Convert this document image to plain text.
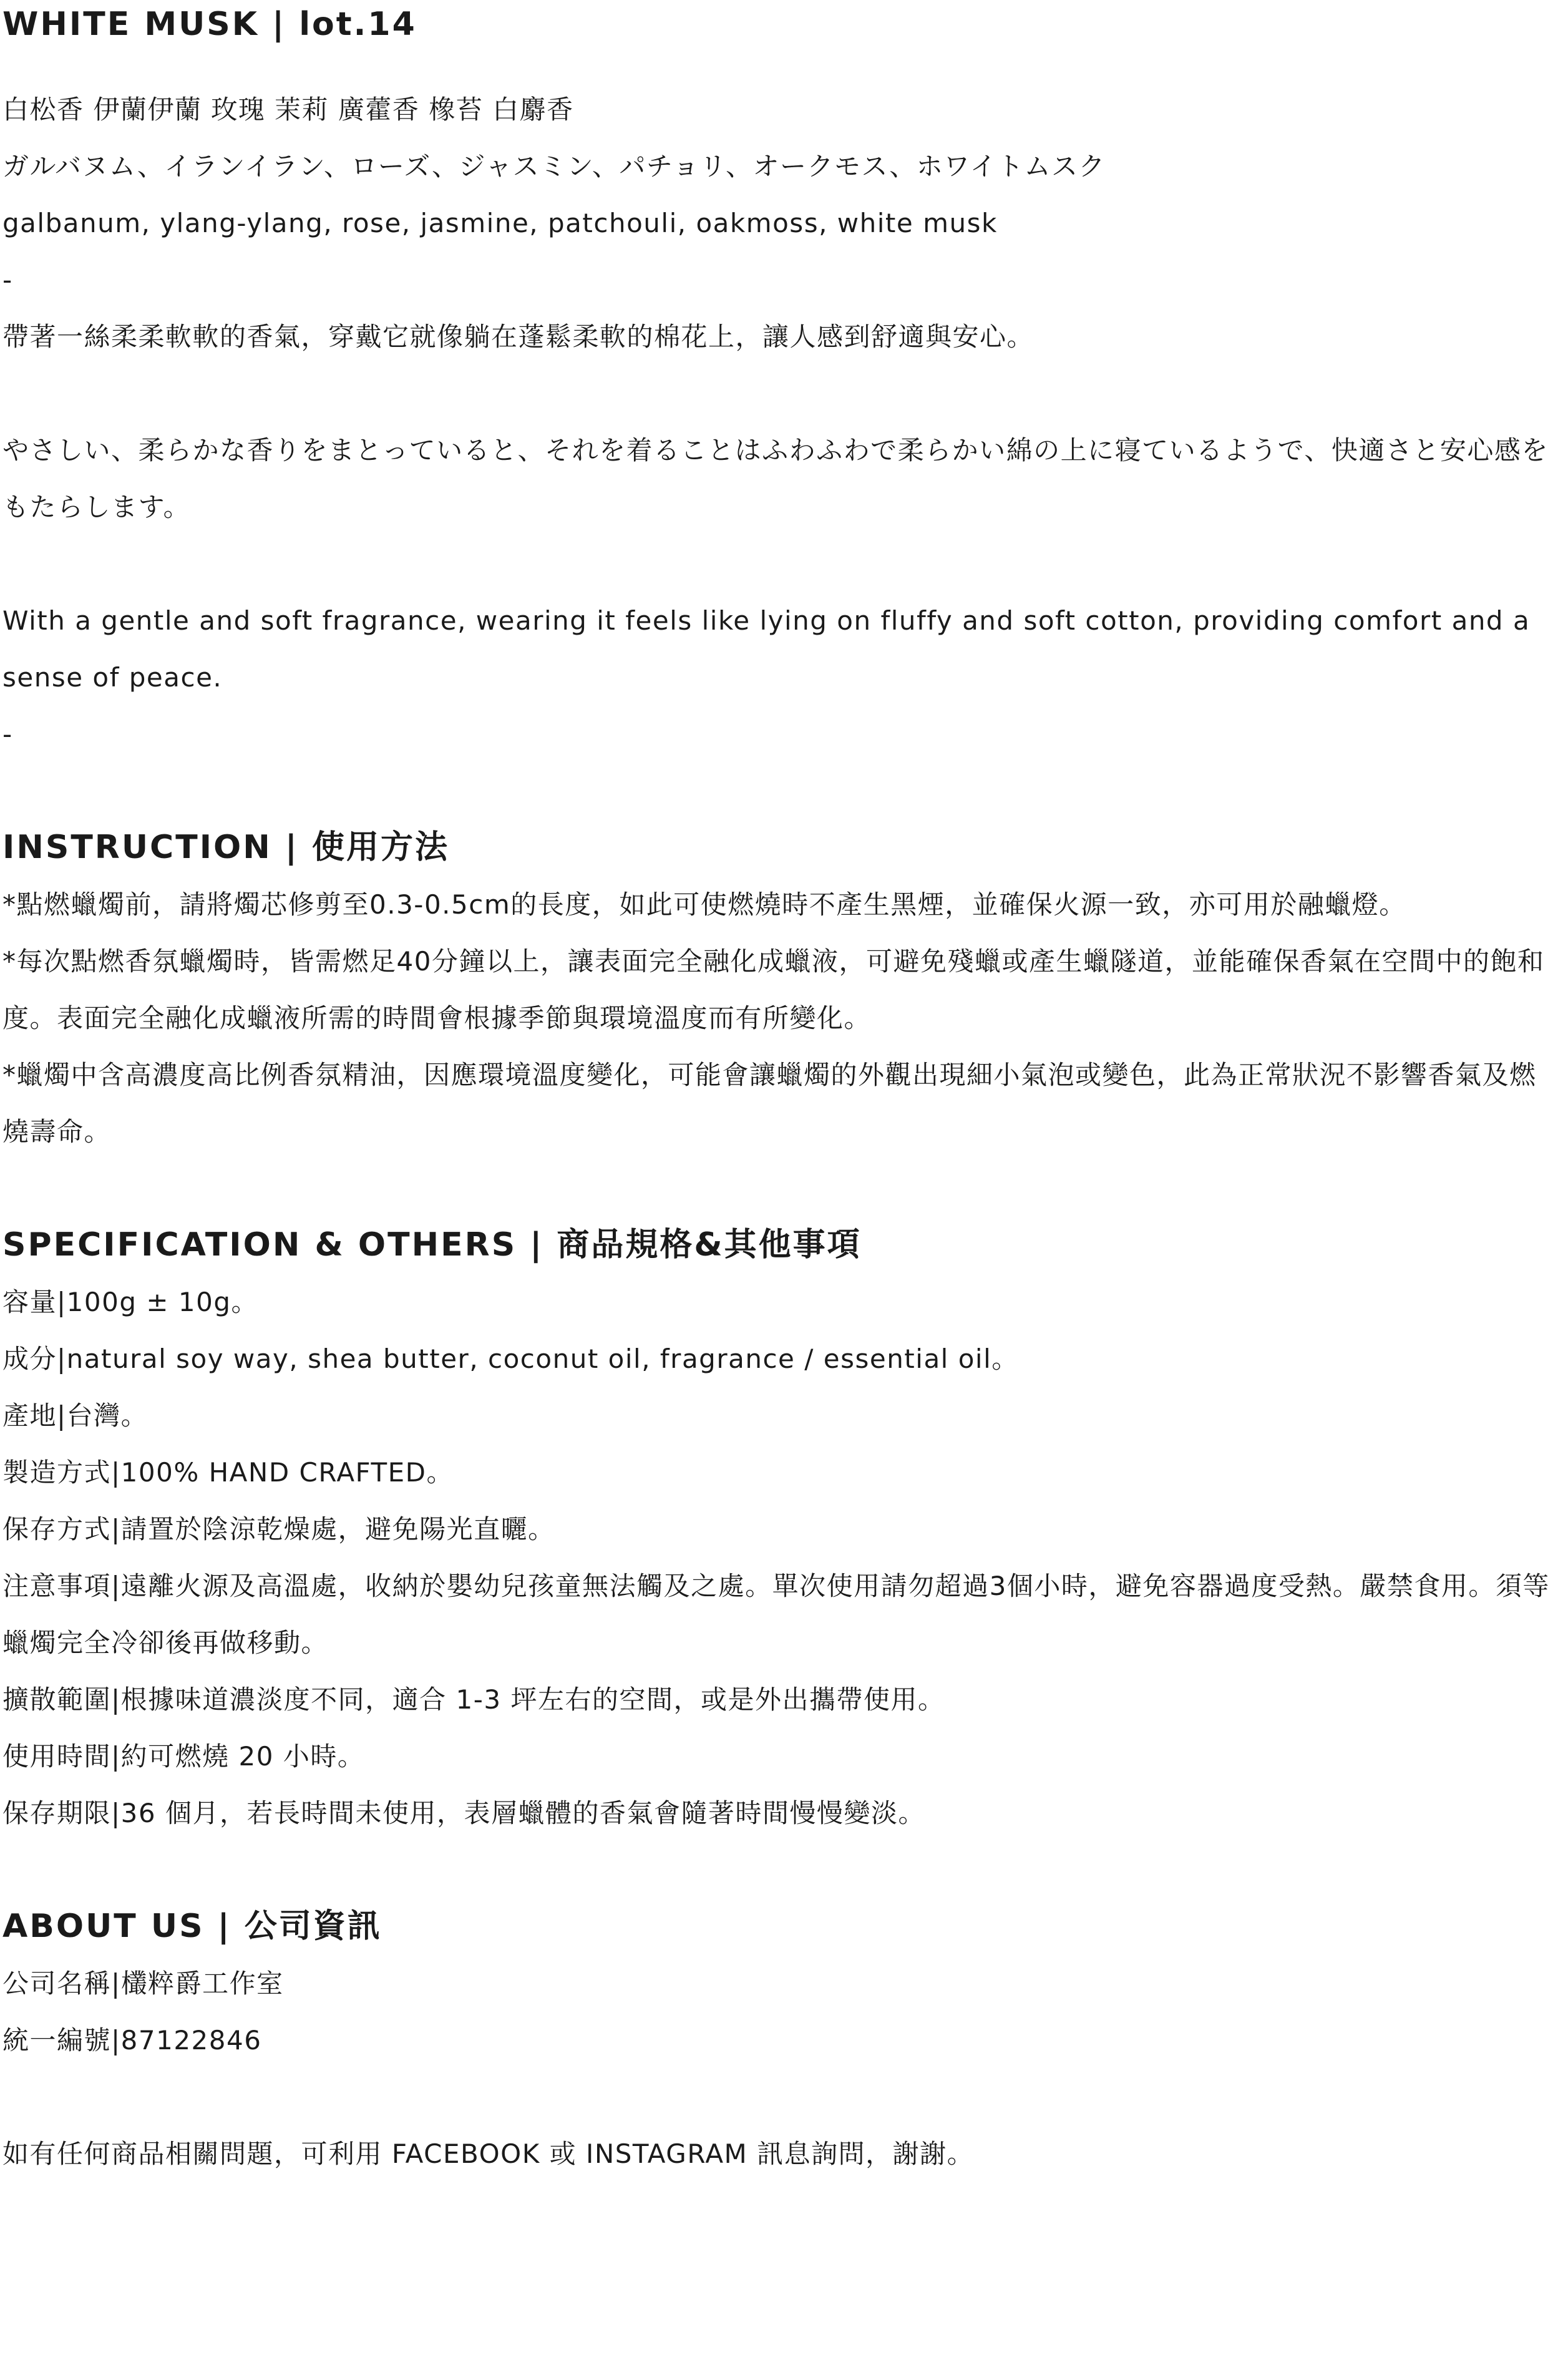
WHITE MUSK | lot.14

白松香 伊蘭伊蘭 玫瑰 茉莉 廣藿香 橡苔 白麝香

ガルバヌム、イランイラン、ローズ、ジャスミン、パチョリ、オークモス、ホワイトムスク

galbanum, ylang-ylang, rose, jasmine, patchouli, oakmoss, white musk

-

帶著一絲柔柔軟軟的香氣，穿戴它就像躺在蓬鬆柔軟的棉花上，讓人感到舒適與安心。

やさしい、柔らかな香りをまとっていると、それを着ることはふわふわで柔らかい綿の上に寝ているようで、快適さと安心感をもたらします。

With a gentle and soft fragrance, wearing it feels like lying on fluffy and soft cotton, providing comfort and a sense of peace.

-

INSTRUCTION | 使用方法

*點燃蠟燭前，請將燭芯修剪至0.3-0.5cm的長度，如此可使燃燒時不產生黑煙，並確保火源一致，亦可用於融蠟燈。

*每次點燃香氛蠟燭時，皆需燃足40分鐘以上，讓表面完全融化成蠟液，可避免殘蠟或產生蠟隧道，並能確保香氣在空間中的飽和度。表面完全融化成蠟液所需的時間會根據季節與環境溫度而有所變化。

*蠟燭中含高濃度高比例香氛精油，因應環境溫度變化，可能會讓蠟燭的外觀出現細小氣泡或變色，此為正常狀況不影響香氣及燃燒壽命。

SPECIFICATION & OTHERS | 商品規格&其他事項

容量|100g ± 10g。

成分|natural soy way, shea butter, coconut oil, fragrance / essential oil。

產地|台灣。

製造方式|100% HAND CRAFTED。

保存方式|請置於陰涼乾燥處，避免陽光直曬。

注意事項|遠離火源及高溫處，收納於嬰幼兒孩童無法觸及之處。單次使用請勿超過3個小時，避免容器過度受熱。嚴禁食用。須等蠟燭完全冷卻後再做移動。

擴散範圍|根據味道濃淡度不同，適合 1-3 坪左右的空間，或是外出攜帶使用。

使用時間|約可燃燒 20 小時。

保存期限|36 個月，若長時間未使用，表層蠟體的香氣會隨著時間慢慢變淡。

ABOUT US | 公司資訊

公司名稱|欉粹爵工作室

統一編號|87122846

如有任何商品相關問題，可利用 FACEBOOK 或 INSTAGRAM 訊息詢問，謝謝。
